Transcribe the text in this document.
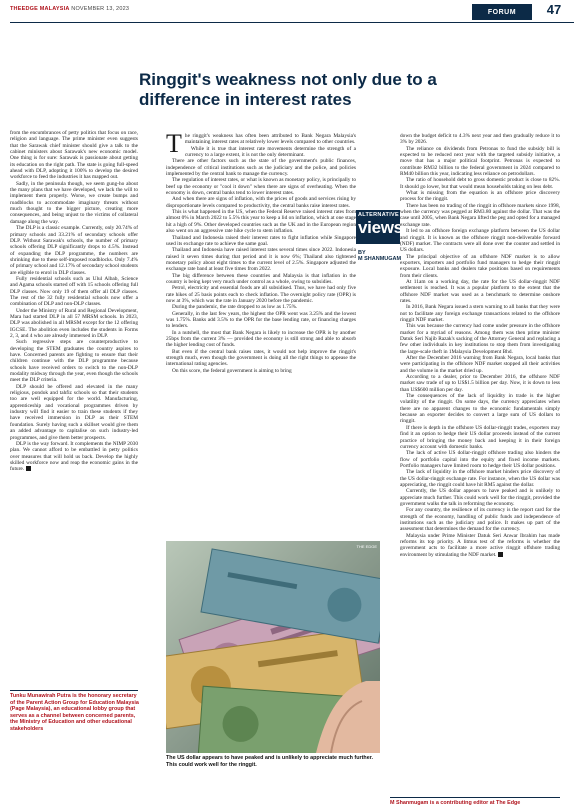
THEEDGE MALAYSIA NOVEMBER 13, 2023	FORUM	47
Ringgit's weakness not only due to a difference in interest rates

from the encumbrances of petty politics that focus on race, religion and language. The prime minister even suggests that the Sarawak chief minister should give a talk to the cabinet ministers about Sarawak's new economic model. One thing is for sure: Sarawak is passionate about getting its education on the right path. The state is going full-speed ahead with DLP, adopting it 100% to develop the desired workforce to feed the industries it has mapped out.

Sadly, in the peninsula though, we seem gung-ho about the many plans that we have developed, we lack the will to implement them properly. Worse, we create bumps and roadblocks to accommodate imaginary threats without much thought to the bigger picture, creating more consequences, and being unjust to the victims of collateral damage along the way.

The DLP is a classic example. Currently, only 20.74% of primary schools and 33.21% of secondary schools offer DLP. Without Sarawak's schools, the number of primary schools offering DLP significantly drops to 4.5%. Instead of expanding the DLP programme, the numbers are shrinking due to these self-imposed roadblocks. Only 7.4% of primary school and 12.17% of secondary school students are eligible to enrol in DLP classes.

Fully residential schools such as Ulul Albab, Science and Agama schools started off with 15 schools offering full DLP classes. Now only 19 of them offer all DLP classes. The rest of the 32 fully residential schools now offer a combination of DLP and non-DLP classes.

Under the Ministry of Rural and Regional Development, Mara had started DLP in all 57 MRSM schools. In 2023, DLP was abolished in all MRSM except for the 12 offering IGCSE. The abolition even includes the students in Forms 2, 3, and 4 who are already immersed in DLP.

Such regressive steps are counterproductive to developing the STEM graduates the country aspires to have. Concerned parents are fighting to ensure that their children continue with the DLP programme because schools have received orders to switch to the non-DLP modality midway through the year, even though the schools meet the DLP criteria.

DLP should be offered and elevated in the many religious, pondok and tahfiz schools so that their students too are well equipped for the world. Manufacturing, apprenticeship and vocational programmes driven by industry will find it easier to train these students if they have received immersion in DLP as their STEM foundation. Surely having such a skillset would give them an added advantage to capitalise on such industry-led programmes, and give them better prospects.

DLP is the way forward. It complements the NIMP 2030 plan. We cannot afford to be embattled in petty politics over measures that will hold us back. Develop the highly skilled workforce now and reap the economic gains in the future.

Tunku Munawirah Putra is the honorary secretary of the Parent Action Group for Education Malaysia (Page Malaysia), an educational lobby group that serves as a channel between concerned parents, the Ministry of Education and other educational stakeholders
ALTERNATIVE
views
BY
M SHANMUGAM

The ringgit's weakness has often been attributed to Bank Negara Malaysia's maintaining interest rates at relatively lower levels compared to other countries.

While it is true that interest rate movements determine the strength of a currency to a large extent, it is not the only determinant.

There are other factors such as the state of the government's public finances, independence of critical institutions such as the judiciary and the police, and policies implemented by the central bank to manage the currency.

The regulation of interest rates, or what is known as monetary policy, is principally to beef up the economy or "cool it down" when there are signs of overheating. When the economy is down, central banks tend to lower interest rates.

And when there are signs of inflation, with the prices of goods and services rising by disproportionate levels compared to productivity, the central banks raise interest rates.

This is what happened in the US, when the Federal Reserve raised interest rates from almost 0% in March 2022 to 5.5% this year to keep a lid on inflation, which at one stage hit a high of 9%. Other developed countries such as the UK and in the European region also went on an aggressive rate hike cycle to stem inflation.

Thailand and Indonesia raised their interest rates to fight inflation while Singapore used its exchange rate to achieve the same goal.

Thailand and Indonesia have raised interest rates several times since 2022. Indonesia raised it seven times during that period and it is now 6%; Thailand also tightened monetary policy about eight times to the current level of 2.5%. Singapore adjusted the exchange rate band at least five times from 2022.

The big difference between these countries and Malaysia is that inflation in the country is being kept very much under control as a whole, owing to subsidies.

Petrol, electricity and essential foods are all subsidised. Thus, we have had only five rate hikes of 25 basis points each to check inflation. The overnight policy rate (OPR) is now at 3%, which was the rate in January 2020 before the pandemic.

During the pandemic, the rate dropped to as low as 1.75%.

Generally, in the last few years, the highest the OPR went was 3.25% and the lowest was 1.75%. Banks add 3.5% to the OPR for the base lending rate, or financing charges to lenders.

In a nutshell, the most that Bank Negara is likely to increase the OPR is by another 25bps from the current 3% — provided the economy is still strong and able to absorb the higher lending cost of funds.

But even if the central bank raises rates, it would not help improve the ringgit's strength much, even though the government is doing all the right things to appease the international rating agencies.

On this score, the federal government is aiming to bring

THE EDGE
The US dollar appears to have peaked and is unlikely to appreciate much further. This could work well for the ringgit.

down the budget deficit to 4.3% next year and then gradually reduce it to 3% by 2026.

The reliance on dividends from Petronas to fund the subsidy bill is expected to be reduced next year with the targeted subsidy initiative, a move that has a major political footprint. Petronas is expected to contribute RM32 billion to the federal government in 2024 compared to RM40 billion this year, indicating less reliance on petrodollars.

The ratio of household debt to gross domestic product is close to 82%. It should go lower, but that would mean households taking on less debt.

What is missing from the equation is an offshore price discovery process for the ringgit.

There has been no trading of the ringgit in offshore markets since 1998, when the currency was pegged at RM3.80 against the dollar. That was the case until 2005, when Bank Negara lifted the peg and opted for a managed exchange rate.

It led to an offshore foreign exchange platform between the US dollar and ringgit. It is known as the offshore ringgit non-deliverable forward (NDF) market. The contracts were all done over the counter and settled in US dollars.

The principal objective of an offshore NDF market is to allow exporters, importers and portfolio fund managers to hedge their ringgit exposure. Local banks and dealers take positions based on requirements from their clients.

At 11am on a working day, the rate for the US dollar-ringgit NDF settlement is reached. It was a popular platform to the extent that the offshore NDF market was used as a benchmark to determine onshore rates.

In 2016, Bank Negara issued a stern warning to all banks that they were not to facilitate any foreign exchange transactions related to the offshore ringgit NDF market.

This was because the currency had come under pressure in the offshore market for a myriad of reasons. Among them was then prime minister Datuk Seri Najib Razak's sacking of the Attorney General and replacing a few other individuals in key institutions to stop them from investigating the large-scale theft in 1Malaysia Development Bhd.

After the December 2016 warning from Bank Negara, local banks that were participating in the offshore NDF market stopped all their activities and the volume in the market dried up.

According to a dealer, prior to December 2016, the offshore NDF market saw trade of up to US$1.5 billion per day. Now, it is down to less than US$600 million per day.

The consequences of the lack of liquidity in trade is the higher volatility of the ringgit. On some days, the currency appreciates when there are no apparent changes to the economic fundamentals simply because an exporter decides to convert a large sum of US dollars to ringgit.

If there is depth in the offshore US dollar-ringgit trades, exporters may find it an option to hedge their US dollar proceeds instead of the current practice of bringing the money back and keeping it in their foreign currency account with domestic banks.

The lack of active US dollar-ringgit offshore trading also hinders the flow of portfolio capital into the equity and fixed income markets. Portfolio managers have limited room to hedge their US dollar positions.

The lack of liquidity in the offshore market hinders price discovery of the US dollar-ringgit exchange rate. For instance, when the US dollar was appreciating, the ringgit could have hit RM5 against the dollar.

Currently, the US dollar appears to have peaked and is unlikely to appreciate much further. This could work well for the ringgit, provided the government walks the talk in reforming the economy.

For any country, the resilience of its currency is the report card for the strength of the economy, handling of public funds and independence of institutions such as the judiciary and police. It makes up part of the assessment that determines the demand for the currency.

Malaysia under Prime Minister Datuk Seri Anwar Ibrahim has made reforms its top priority. A litmus test of the reforms is whether the government acts to facilitate a more active ringgit offshore trading environment by stimulating the NDF market.

M Shanmugam is a contributing editor at The Edge
